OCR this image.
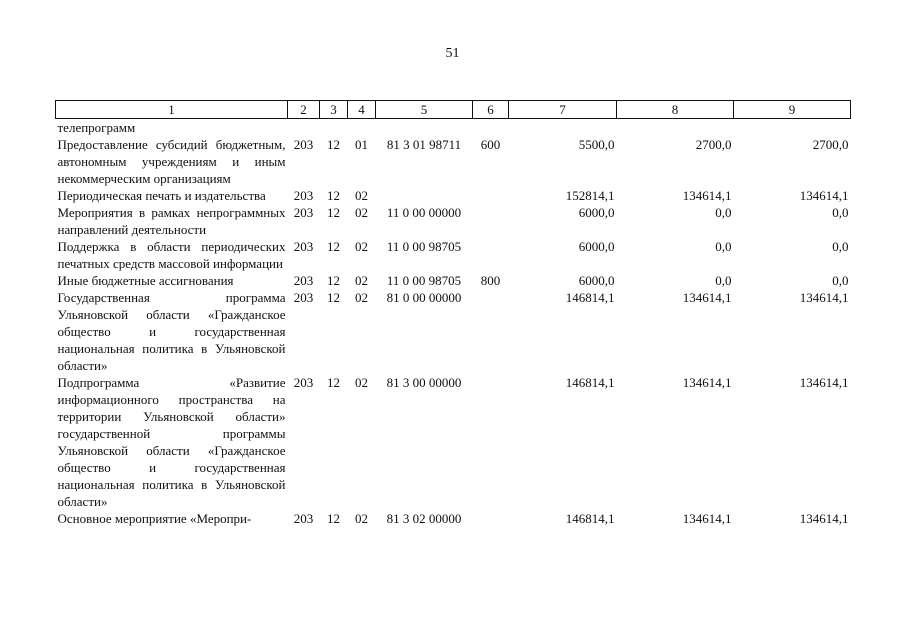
51
1	2	3	4	5	6	7	8	9
телепрограмм								
Предоставление субсидий бюджетным, автономным учреждениям и иным некоммерческим организациям	203	12	01	81 3 01 98711	600	5500,0	2700,0	2700,0
Периодическая печать и издательства	203	12	02			152814,1	134614,1	134614,1
Мероприятия в рамках непрограммных направлений деятельности	203	12	02	11 0 00 00000		6000,0	0,0	0,0
Поддержка в области периодических печатных средств массовой информации	203	12	02	11 0 00 98705		6000,0	0,0	0,0
Иные бюджетные ассигнования	203	12	02	11 0 00 98705	800	6000,0	0,0	0,0
Государственная программа Ульяновской области «Гражданское общество и государственная национальная политика в Ульяновской области»	203	12	02	81 0 00 00000		146814,1	134614,1	134614,1
Подпрограмма «Развитие информационного пространства на территории Ульяновской области» государственной программы Ульяновской области «Гражданское общество и государственная национальная политика в Ульяновской области»	203	12	02	81 3 00 00000		146814,1	134614,1	134614,1
Основное мероприятие «Меропри-	203	12	02	81 3 02 00000		146814,1	134614,1	134614,1
